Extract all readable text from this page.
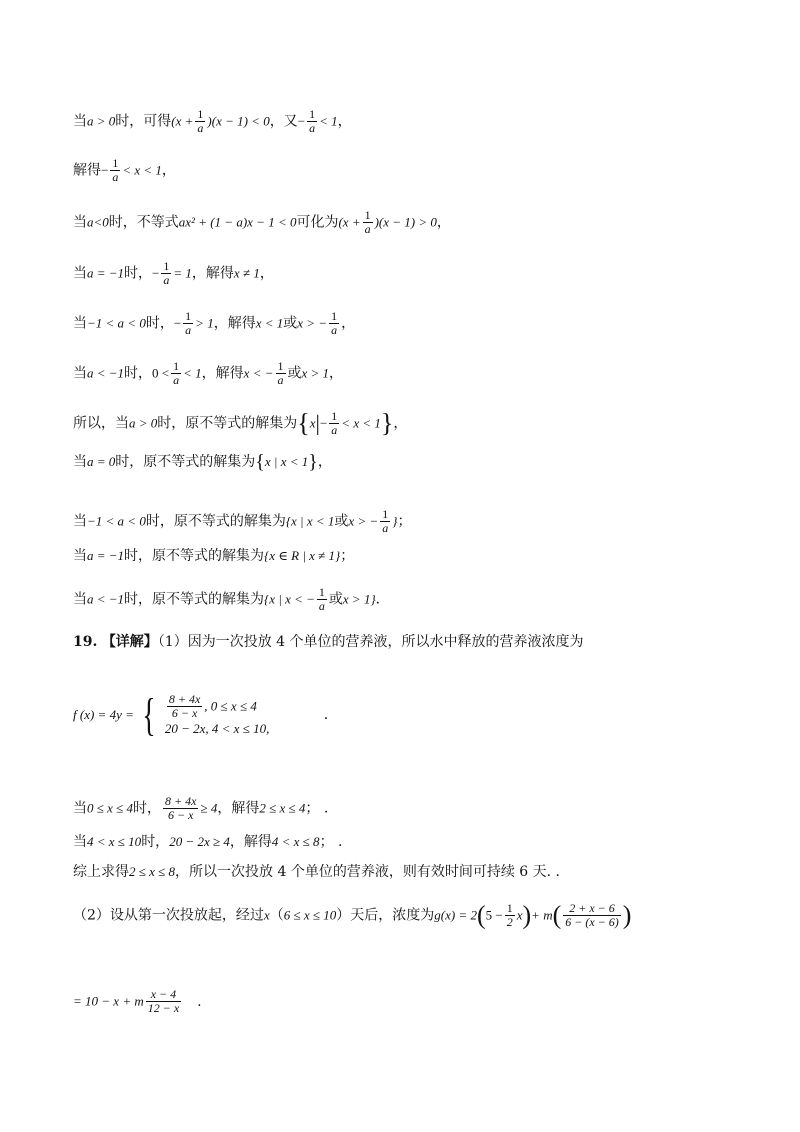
当a > 0时，可得$(x + \frac{1}{a} )(x - 1) < 0$，又− $\frac{1}{a} < 1$，
解得− $\frac{1}{a} < x < 1$，
当a<0时，不等式ax² + (1 − a)x − 1 < 0可化为$(x + \frac{1}{a} )(x - 1) > 0$，
当a = −1时，− $\frac{1}{a} = 1$，解得x ≠ 1，
当−1 < a < 0时，− $\frac{1}{a} > 1$，解得x < 1或x > − $\frac{1}{a}$ ，
当a < −1时，$0 < \frac{1}{a} < 1$，解得x < − $\frac{1}{a}$ 或x > 1，
所以，当a > 0时，原不等式的解集为$\{x|- \frac{1}{a} < x < 1\}$，
当a = 0时，原不等式的解集为{x | x < 1}，
当−1 < a < 0时，原不等式的解集为{x | x < 1或x > − $\frac{1}{a}$ }；
当a = −1时，原不等式的解集为{x ∈ R | x ≠ 1}；
当a < −1时，原不等式的解集为{x | x < − $\frac{1}{a}$ 或x > 1}．
19. 【详解】（1）因为一次投放 4 个单位的营养液，所以水中释放的营养液浓度为
f (x) = 4y = { $\frac{8 + 4x}{6 - x}$ , 0 ≤ x ≤ 4
20 − 2x, 4 < x ≤ 10,
.
当0 ≤ x ≤ 4时， $\frac{8 + 4x}{6 - x} \ge 4$，解得2 ≤ x ≤ 4； .
当4 < x ≤ 10时，20 − 2x ≥ 4，解得4 < x ≤ 8； .
综上求得2 ≤ x ≤ 8，所以一次投放 4 个单位的营养液，则有效时间可持续 6 天. .
（2）设从第一次投放起，经过x（6 ≤ x ≤ 10）天后，浓度为$g(x) = 2(5 - \frac{1}{2} x)+ m( \frac{2 + x - 6}{6 - (x - 6)}$ )
= 10 − x + m $\frac{x - 4}{12 - x}$ .
